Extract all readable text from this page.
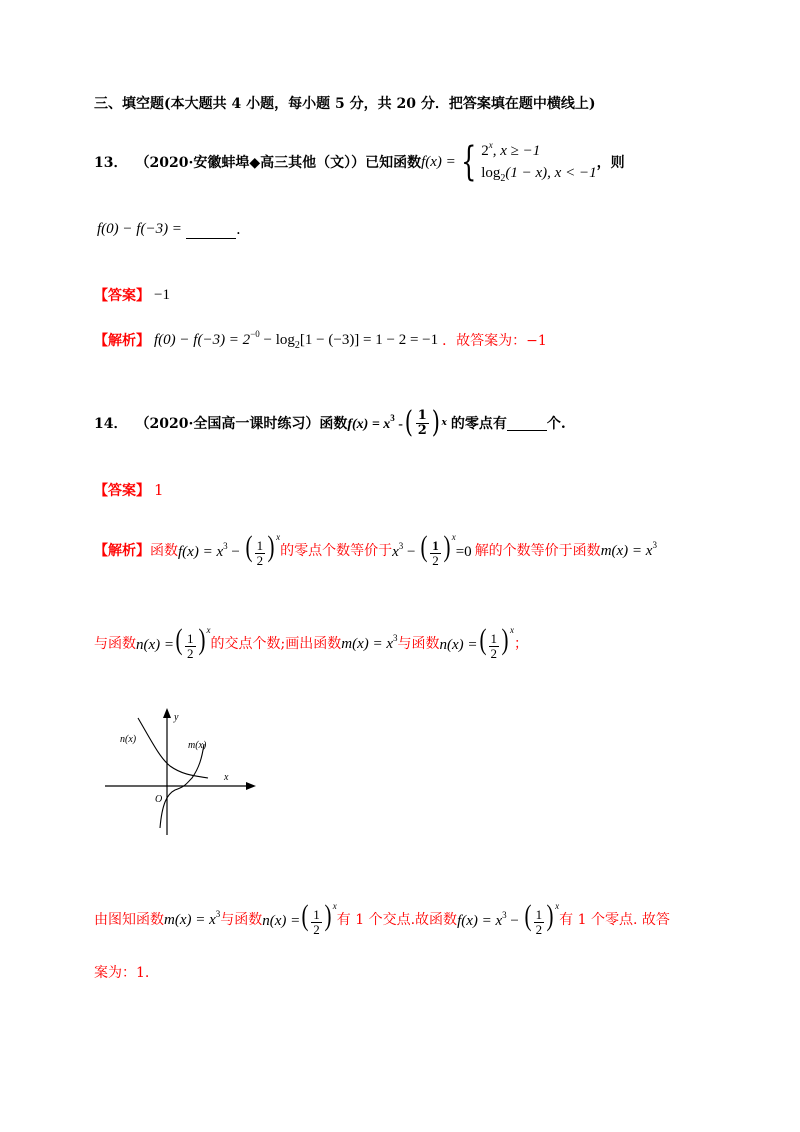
三、填空题(本大题共 4 小题，每小题 5 分，共 20 分．把答案填在题中横线上)
13． （2020·安徽蚌埠◆高三其他（文）） 已知函数 f(x) = { 2$^x$, x ≥ −1
$\log_2(1 - x)$, x < −1
，则
f(0) − f(−3) =	.
【答案】 −1
【解析】 $f(0) - f(-3) = 2^{-0} - \log_2[1 - (-3)] = 1 - 2 = -1$ ．故答案为：−1
14． （2020·全国高一课时练习） 函数 $f(x) = x^3$ - ( $\frac{1}{2}$ ) x 的零点有	个.
【答案】 1
【解析】 函数 $f(x) = x^3$ − ( $\frac{1}{2}$ ) $^x$
的零点个数等价于 $x^3$ − ( $\frac{1}{2}$ ) $^x$=0 解的个数等价于函数 $m(x) = x^3$
与函数 n(x) =( $\frac{1}{2}$ ) $^x$
的交点个数;画出函数 $m(x) = x^3$ 与函数 n(x) =( $\frac{1}{2}$ ) $^x$
；
y
x
O
n(x)
m(x)
由图知函数 $m(x) = x^3$ 与函数 n(x) =( $\frac{1}{2}$ ) $^x$
有 1 个交点.故函数 $f(x) = x^3$ − ( $\frac{1}{2}$ ) $^x$
有 1 个零点. 故答
案为：1.
